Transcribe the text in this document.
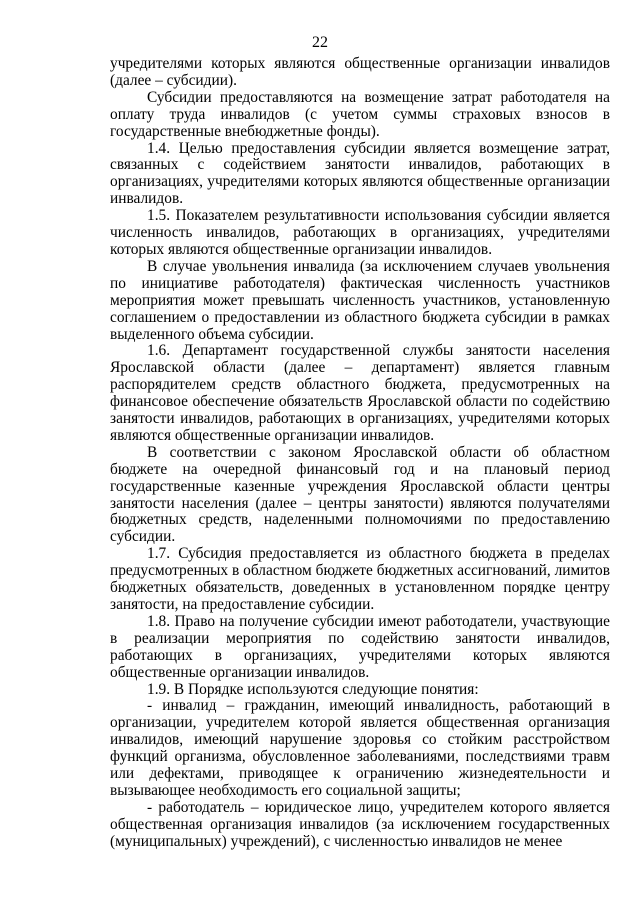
22

учредителями которых являются общественные организации инвалидов (далее – субсидии).

Субсидии предоставляются на возмещение затрат работодателя на оплату труда инвалидов (с учетом суммы страховых взносов в государственные внебюджетные фонды).

1.4. Целью предоставления субсидии является возмещение затрат, связанных с содействием занятости инвалидов, работающих в организациях, учредителями которых являются общественные организации инвалидов.

1.5. Показателем результативности использования субсидии является численность инвалидов, работающих в организациях, учредителями которых являются общественные организации инвалидов.

В случае увольнения инвалида (за исключением случаев увольнения по инициативе работодателя) фактическая численность участников мероприятия может превышать численность участников, установленную соглашением о предоставлении из областного бюджета субсидии в рамках выделенного объема субсидии.

1.6. Департамент государственной службы занятости населения Ярославской области (далее – департамент) является главным распорядителем средств областного бюджета, предусмотренных на финансовое обеспечение обязательств Ярославской области по содействию занятости инвалидов, работающих в организациях, учредителями которых являются общественные организации инвалидов.

В соответствии с законом Ярославской области об областном бюджете на очередной финансовый год и на плановый период государственные казенные учреждения Ярославской области центры занятости населения (далее – центры занятости) являются получателями бюджетных средств, наделенными полномочиями по предоставлению субсидии.

1.7. Субсидия предоставляется из областного бюджета в пределах предусмотренных в областном бюджете бюджетных ассигнований, лимитов бюджетных обязательств, доведенных в установленном порядке центру занятости, на предоставление субсидии.

1.8. Право на получение субсидии имеют работодатели, участвующие в реализации мероприятия по содействию занятости инвалидов, работающих в организациях, учредителями которых являются общественные организации инвалидов.

1.9. В Порядке используются следующие понятия:

- инвалид – гражданин, имеющий инвалидность, работающий в организации, учредителем которой является общественная организация инвалидов, имеющий нарушение здоровья со стойким расстройством функций организма, обусловленное заболеваниями, последствиями травм или дефектами, приводящее к ограничению жизнедеятельности и вызывающее необходимость его социальной защиты;

- работодатель – юридическое лицо, учредителем которого является общественная организация инвалидов (за исключением государственных (муниципальных) учреждений), с численностью инвалидов не менее
